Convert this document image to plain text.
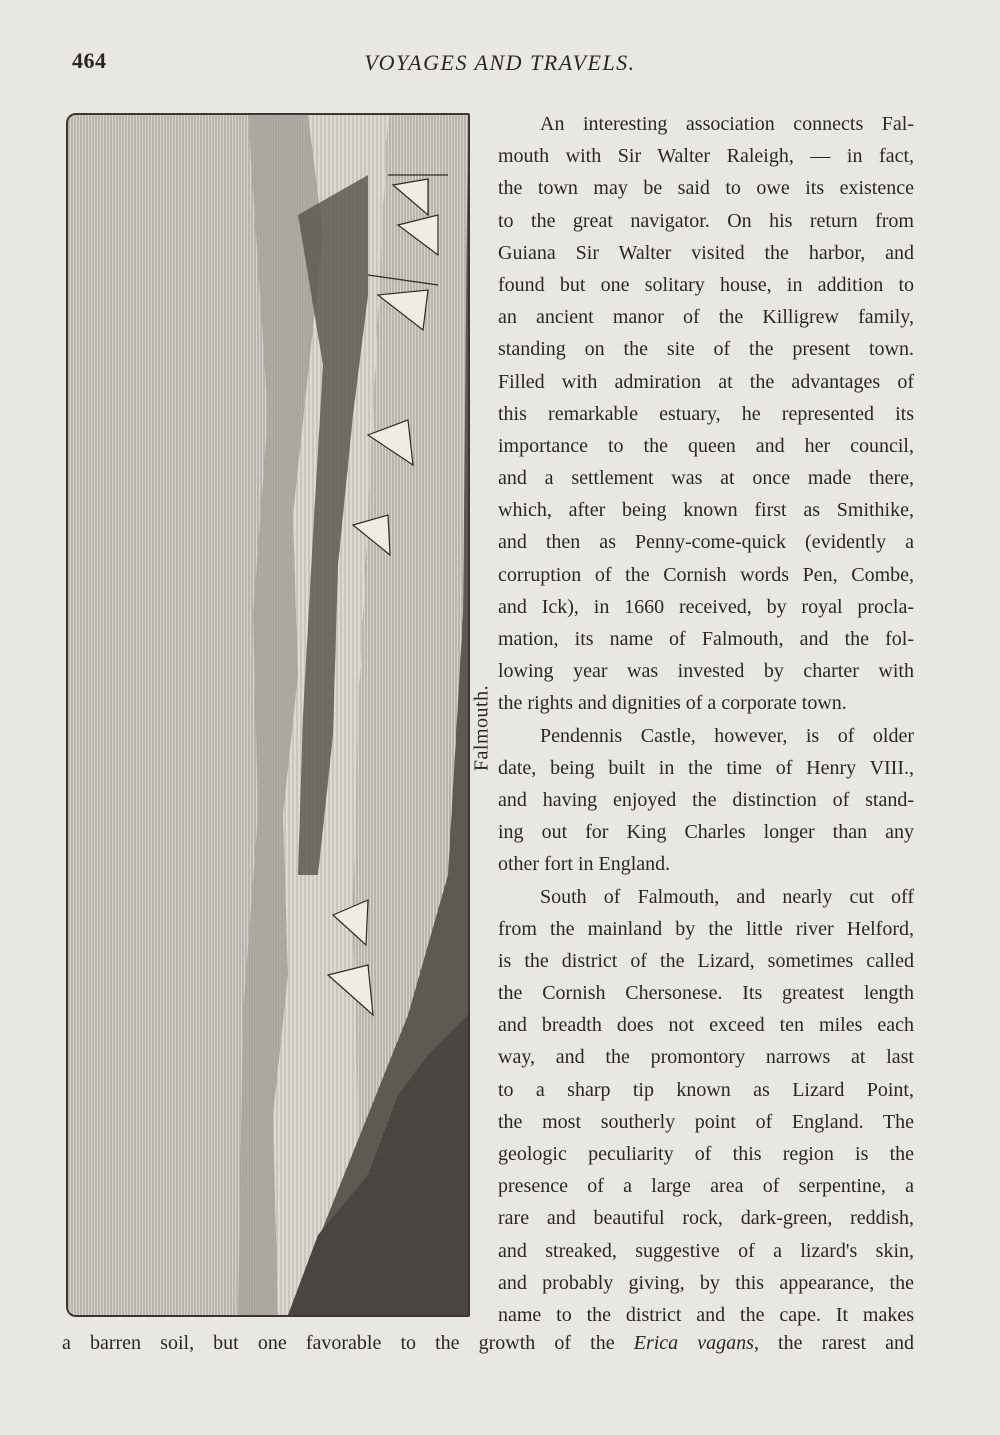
464	VOYAGES AND TRAVELS.
Falmouth.
An interesting association connects Fal-
mouth with Sir Walter Raleigh, — in fact,
the town may be said to owe its existence
to the great navigator. On his return from
Guiana Sir Walter visited the harbor, and
found but one solitary house, in addition to
an ancient manor of the Killigrew family,
standing on the site of the present town.
Filled with admiration at the advantages of
this remarkable estuary, he represented its
importance to the queen and her council,
and a settlement was at once made there,
which, after being known first as Smithike,
and then as Penny-come-quick (evidently a
corruption of the Cornish words Pen, Combe,
and Ick), in 1660 received, by royal procla-
mation, its name of Falmouth, and the fol-
lowing year was invested by charter with
the rights and dignities of a corporate town.
Pendennis Castle, however, is of older
date, being built in the time of Henry VIII.,
and having enjoyed the distinction of stand-
ing out for King Charles longer than any
other fort in England.
South of Falmouth, and nearly cut off
from the mainland by the little river Helford,
is the district of the Lizard, sometimes called
the Cornish Chersonese. Its greatest length
and breadth does not exceed ten miles each
way, and the promontory narrows at last
to a sharp tip known as Lizard Point,
the most southerly point of England. The
geologic peculiarity of this region is the
presence of a large area of serpentine, a
rare and beautiful rock, dark-green, reddish,
and streaked, suggestive of a lizard's skin,
and probably giving, by this appearance, the
name to the district and the cape. It makes
a barren soil, but one favorable to the growth of the Erica vagans, the rarest and
